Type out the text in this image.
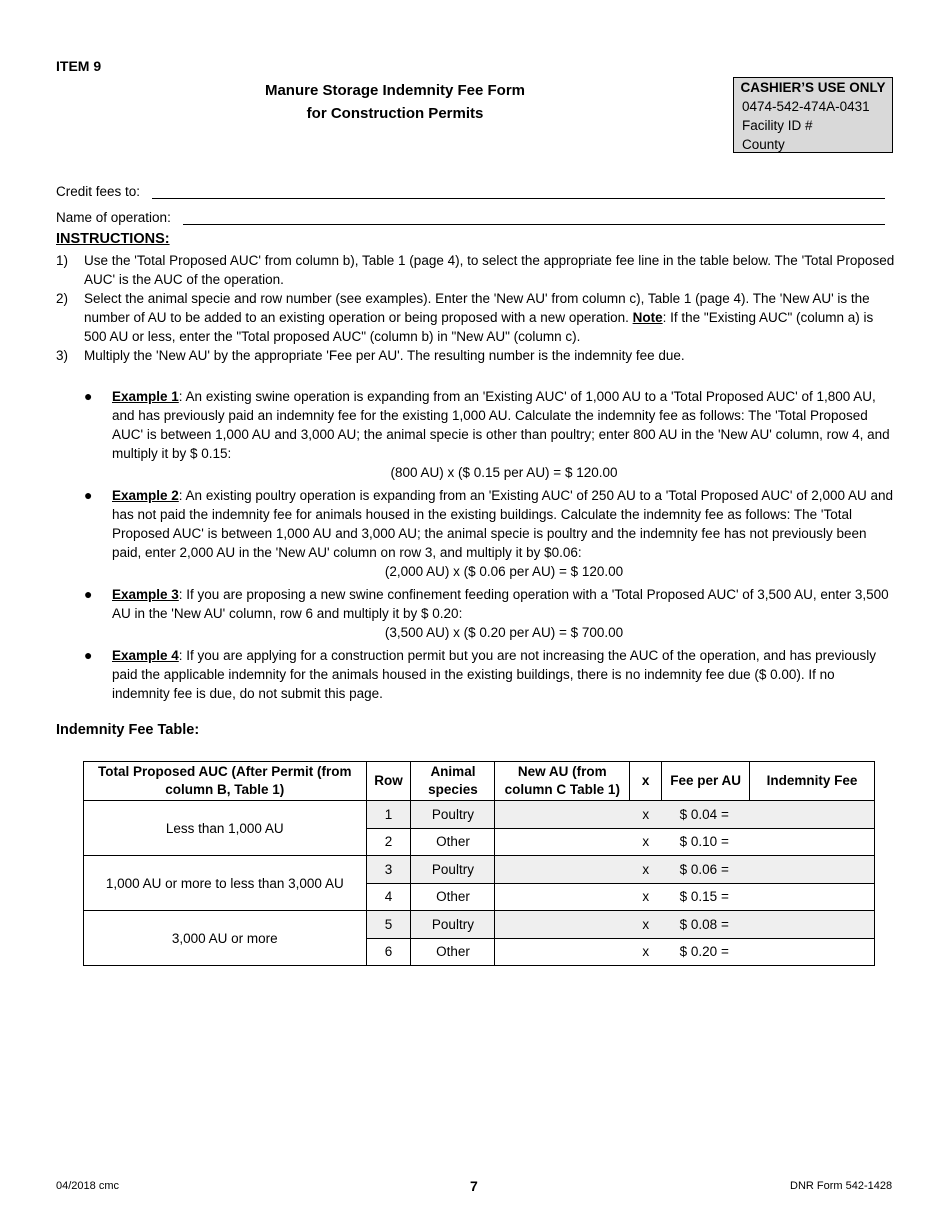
ITEM 9
Manure Storage Indemnity Fee Form
for Construction Permits
CASHIER’S USE ONLY
0474-542-474A-0431
Facility ID #
County
Credit fees to:
Name of operation:
INSTRUCTIONS:
1) Use the 'Total Proposed AUC' from column b), Table 1 (page 4), to select the appropriate fee line in the table below. The 'Total Proposed AUC' is the AUC of the operation.
2) Select the animal specie and row number (see examples). Enter the 'New AU' from column c), Table 1 (page 4). The 'New AU' is the number of AU to be added to an existing operation or being proposed with a new operation. Note: If the "Existing AUC" (column a) is 500 AU or less, enter the "Total proposed AUC" (column b) in "New AU" (column c).
3) Multiply the 'New AU' by the appropriate 'Fee per AU'. The resulting number is the indemnity fee due.
● Example 1: An existing swine operation is expanding from an 'Existing AUC' of 1,000 AU to a 'Total Proposed AUC' of 1,800 AU, and has previously paid an indemnity fee for the existing 1,000 AU. Calculate the indemnity fee as follows: The 'Total Proposed AUC' is between 1,000 AU and 3,000 AU; the animal specie is other than poultry; enter 800 AU in the 'New AU' column, row 4, and multiply it by $ 0.15:
(800 AU) x ($ 0.15 per AU) = $ 120.00
● Example 2: An existing poultry operation is expanding from an 'Existing AUC' of 250 AU to a 'Total Proposed AUC' of 2,000 AU and has not paid the indemnity fee for animals housed in the existing buildings. Calculate the indemnity fee as follows: The 'Total Proposed AUC' is between 1,000 AU and 3,000 AU; the animal specie is poultry and the indemnity fee has not previously been paid, enter 2,000 AU in the 'New AU' column on row 3, and multiply it by $0.06:
(2,000 AU) x ($ 0.06 per AU) = $ 120.00
● Example 3: If you are proposing a new swine confinement feeding operation with a 'Total Proposed AUC' of 3,500 AU, enter 3,500 AU in the 'New AU' column, row 6 and multiply it by $ 0.20:
(3,500 AU) x ($ 0.20 per AU) = $ 700.00
● Example 4: If you are applying for a construction permit but you are not increasing the AUC of the operation, and has previously paid the applicable indemnity for the animals housed in the existing buildings, there is no indemnity fee due ($ 0.00). If no indemnity fee is due, do not submit this page.
Indemnity Fee Table:
Total Proposed AUC (After Permit (from column B, Table 1)	Row	Animal species	New AU (from column C Table 1)	x	Fee per AU	Indemnity Fee
Less than 1,000 AU	1	Poultry		x	$ 0.04 =	
	2	Other		x	$ 0.10 =	
1,000 AU or more to less than 3,000 AU	3	Poultry		x	$ 0.06 =	
	4	Other		x	$ 0.15 =	
3,000 AU or more	5	Poultry		x	$ 0.08 =	
	6	Other		x	$ 0.20 =	
04/2018 cmc	7	DNR Form 542-1428
